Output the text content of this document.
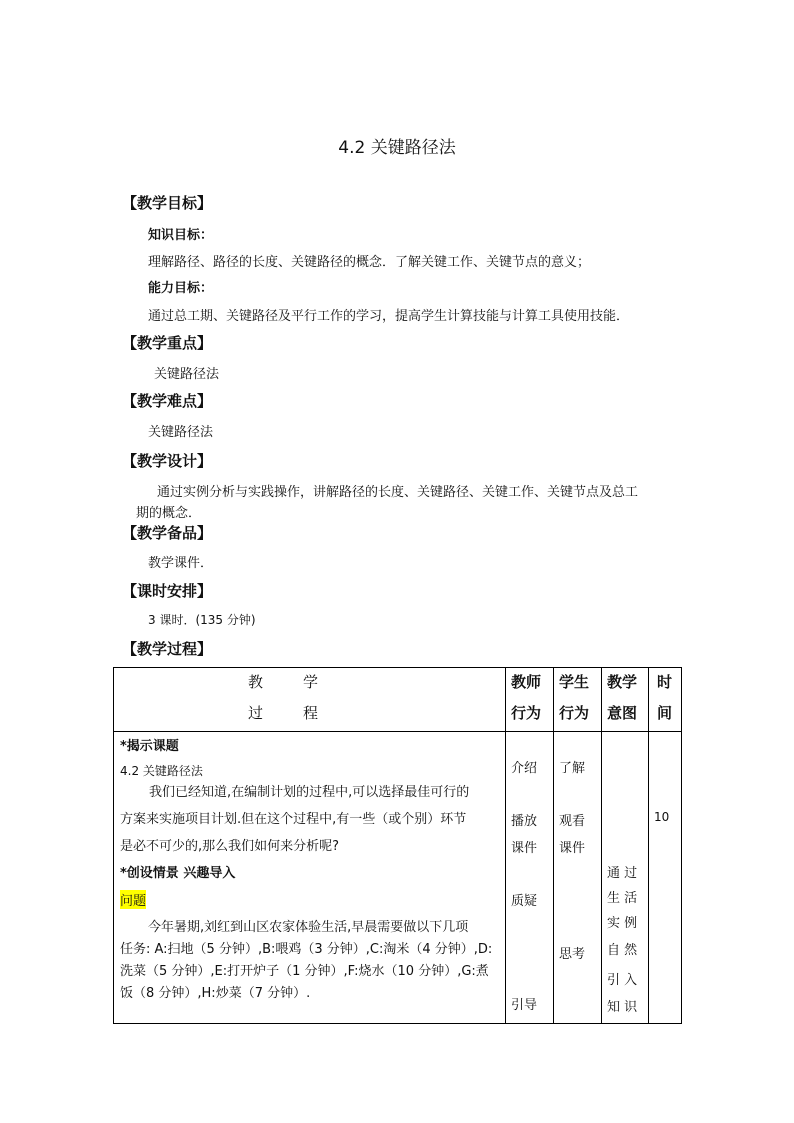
4.2 关键路径法
【教学目标】
知识目标：
理解路径、路径的长度、关键路径的概念．了解关键工作、关键节点的意义；
能力目标：
通过总工期、关键路径及平行工作的学习，提高学生计算技能与计算工具使用技能．
【教学重点】
关键路径法
【教学难点】
关键路径法
【教学设计】
通过实例分析与实践操作，讲解路径的长度、关键路径、关键工作、关键节点及总工
期的概念．
【教学备品】
教学课件．
【课时安排】
3 课时．(135 分钟)
【教学过程】
教	学
过	程
教师
行为
学生
行为
教学
意图
时
间
*揭示课题
4.2 关键路径法
我们已经知道,在编制计划的过程中,可以选择最佳可行的
方案来实施项目计划.但在这个过程中,有一些（或个别）环节
是必不可少的,那么我们如何来分析呢?
*创设情景 兴趣导入
问题
今年暑期,刘红到山区农家体验生活,早晨需要做以下几项
任务: A:扫地（5 分钟）,B:喂鸡（3 分钟）,C:淘米（4 分钟）,D:
洗菜（5 分钟）,E:打开炉子（1 分钟）,F:烧水（10 分钟）,G:煮
饭（8 分钟）,H:炒菜（7 分钟）.
介绍
播放
课件
质疑
引导
了解
观看
课件
思考
通 过
生 活
实 例
自 然
引 入
知 识
10
